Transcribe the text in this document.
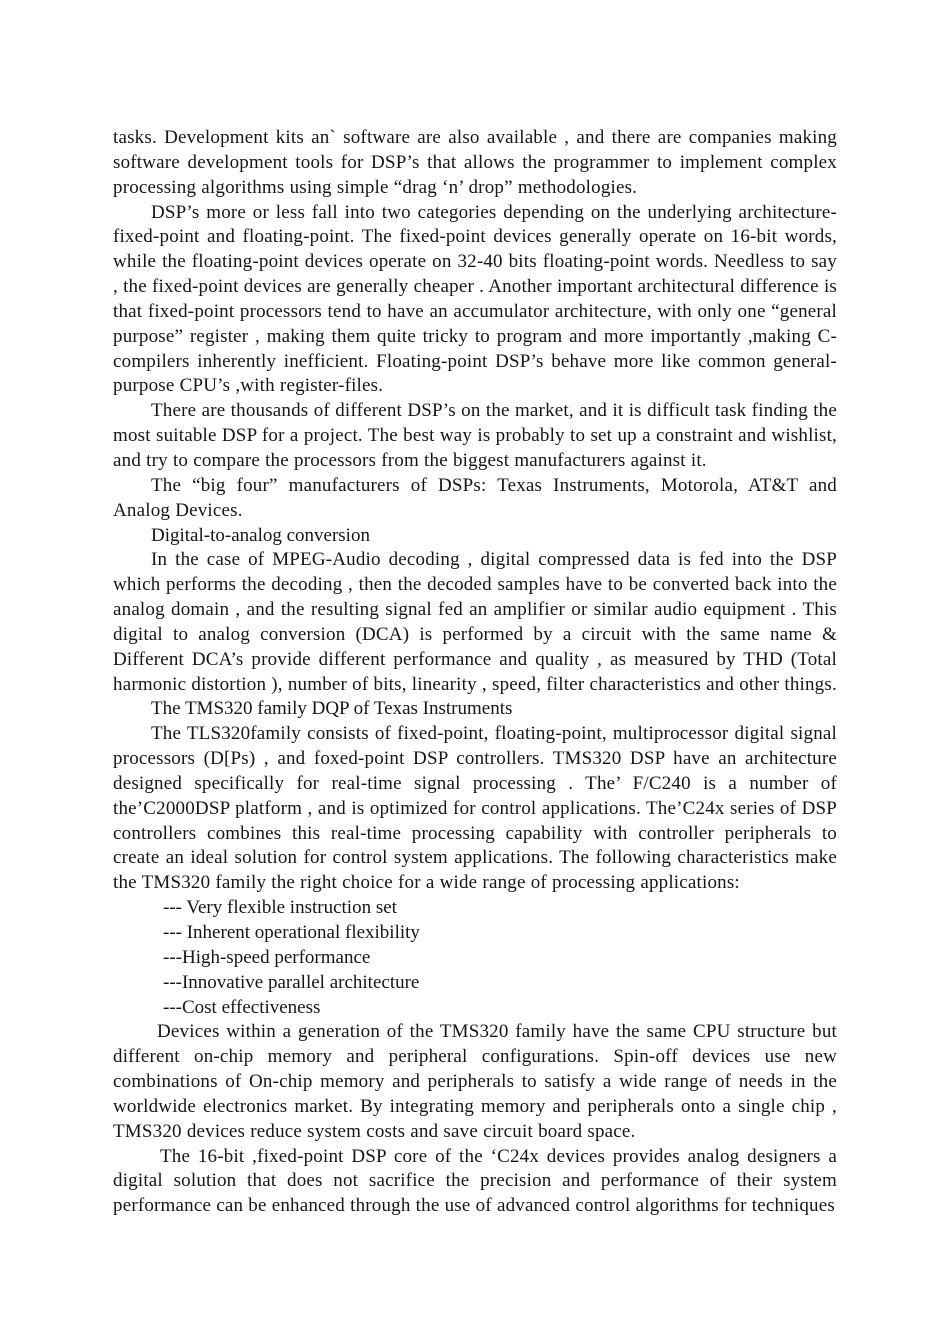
tasks. Development kits an` software are also available , and there are companies making software development tools for DSP’s that allows the programmer to implement complex processing algorithms using simple “drag ‘n’ drop” methodologies.

DSP’s more or less fall into two categories depending on the underlying architecture-fixed-point and floating-point. The fixed-point devices generally operate on 16-bit words, while the floating-point devices operate on 32-40 bits floating-point words. Needless to say , the fixed-point devices are generally cheaper . Another important architectural difference is that fixed-point processors tend to have an accumulator architecture, with only one “general purpose” register , making them quite tricky to program and more importantly ,making C-compilers inherently inefficient. Floating-point DSP’s behave more like common general-purpose CPU’s ,with register-files.

There are thousands of different DSP’s on the market, and it is difficult task finding the most suitable DSP for a project. The best way is probably to set up a constraint and wishlist, and try to compare the processors from the biggest manufacturers against it.

The “big four” manufacturers of DSPs: Texas Instruments, Motorola, AT&T and Analog Devices.

Digital-to-analog conversion

In the case of MPEG-Audio decoding , digital compressed data is fed into the DSP which performs the decoding , then the decoded samples have to be converted back into the analog domain , and the resulting signal fed an amplifier or similar audio equipment . This digital to analog conversion (DCA) is performed by a circuit with the same name & Different DCA’s provide different performance and quality , as measured by THD (Total harmonic distortion ), number of bits, linearity , speed, filter characteristics and other things.

The TMS320 family DQP of Texas Instruments

The TLS320family consists of fixed-point, floating-point, multiprocessor digital signal processors (D[Ps) , and foxed-point DSP controllers. TMS320 DSP have an architecture designed specifically for real-time signal processing . The’ F/C240 is a number of the’C2000DSP platform , and is optimized for control applications. The’C24x series of DSP controllers combines this real-time processing capability with controller peripherals to create an ideal solution for control system applications. The following characteristics make the TMS320 family the right choice for a wide range of processing applications:

--- Very flexible instruction set
--- Inherent operational flexibility
---High-speed performance
---Innovative parallel architecture
---Cost effectiveness

Devices within a generation of the TMS320 family have the same CPU structure but different on-chip memory and peripheral configurations. Spin-off devices use new combinations of On-chip memory and peripherals to satisfy a wide range of needs in the worldwide electronics market. By integrating memory and peripherals onto a single chip , TMS320 devices reduce system costs and save circuit board space.

The 16-bit ,fixed-point DSP core of the ‘C24x devices provides analog designers a digital solution that does not sacrifice the precision and performance of their system performance can be enhanced through the use of advanced control algorithms for techniques
